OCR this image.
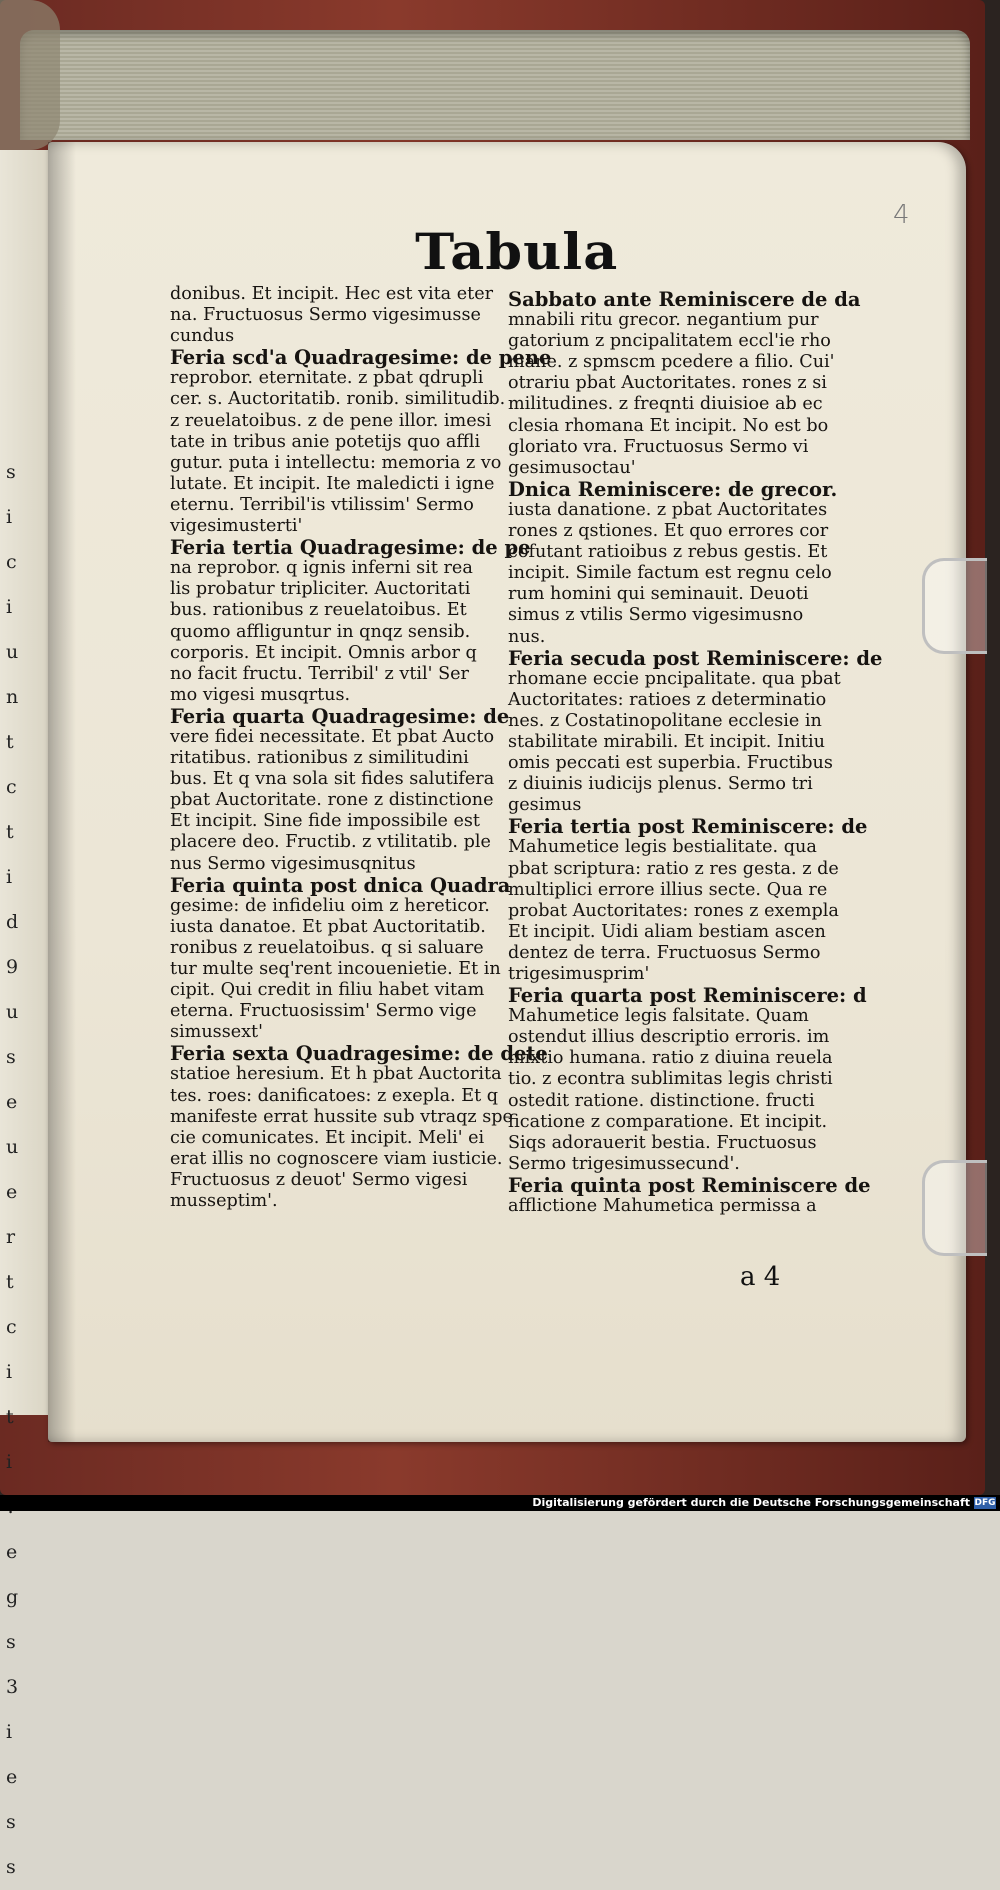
s
i
c
i
u
n
t
c
t
i
d
9
u
s
e
u
e
r
t
c
i
t
i
e
g
s
3
i
e
s
s
4
Tabula

donibus. Et incipit. Hec est vita eter

na. Fructuosus Sermo vigesimusse

cundus

Feria scd'a Quadragesime: de pene

reprobor. eternitate. z pbat qdrupli

cer. s. Auctoritatib. ronib. similitudib.

z reuelatoibus. z de pene illor. imesi

tate in tribus anie potetijs quo affli

gutur. puta i intellectu: memoria z vo

lutate. Et incipit. Ite maledicti i igne

eternu. Terribil'is vtilissim' Sermo

vigesimusterti'

Feria tertia Quadragesime: de pe

na reprobor. q ignis inferni sit rea

lis probatur tripliciter. Auctoritati

bus. rationibus z reuelatoibus. Et

quomo affliguntur in qnqz sensib.

corporis. Et incipit. Omnis arbor q

no facit fructu. Terribil' z vtil' Ser

mo vigesi musqrtus.

Feria quarta Quadragesime: de

vere fidei necessitate. Et pbat Aucto

ritatibus. rationibus z similitudini

bus. Et q vna sola sit fides salutifera

pbat Auctoritate. rone z distinctione

Et incipit. Sine fide impossibile est

placere deo. Fructib. z vtilitatib. ple

nus Sermo vigesimusqnitus

Feria quinta post dnica Quadra

gesime: de infideliu oim z hereticor.

iusta danatoe. Et pbat Auctoritatib.

ronibus z reuelatoibus. q si saluare

tur multe seq'rent incouenietie. Et in

cipit. Qui credit in filiu habet vitam

eterna. Fructuosissim' Sermo vige

simussext'

Feria sexta Quadragesime: de dete

statioe heresium. Et h pbat Auctorita

tes. roes: danificatoes: z exepla. Et q

manifeste errat hussite sub vtraqz spe

cie comunicates. Et incipit. Meli' ei

erat illis no cognoscere viam iusticie.

Fructuosus z deuot' Sermo vigesi

musseptim'.

Sabbato ante Reminiscere de da

mnabili ritu grecor. negantium pur

gatorium z pncipalitatem eccl'ie rho

mane. z spmscm pcedere a filio. Cui'

otrariu pbat Auctoritates. rones z si

militudines. z freqnti diuisioe ab ec

clesia rhomana Et incipit. No est bo

gloriato vra. Fructuosus Sermo vi

gesimusoctau'

Dnica Reminiscere: de grecor.

iusta danatione. z pbat Auctoritates

rones z qstiones. Et quo errores cor

cofutant ratioibus z rebus gestis. Et

incipit. Simile factum est regnu celo

rum homini qui seminauit. Deuoti

simus z vtilis Sermo vigesimusno

nus.

Feria secuda post Reminiscere: de

rhomane eccie pncipalitate. qua pbat

Auctoritates: ratioes z determinatio

nes. z Costatinopolitane ecclesie in

stabilitate mirabili. Et incipit. Initiu

omis peccati est superbia. Fructibus

z diuinis iudicijs plenus. Sermo tri

gesimus

Feria tertia post Reminiscere: de

Mahumetice legis bestialitate. qua

pbat scriptura: ratio z res gesta. z de

multiplici errore illius secte. Qua re

probat Auctoritates: rones z exempla

Et incipit. Uidi aliam bestiam ascen

dentez de terra. Fructuosus Sermo

trigesimusprim'

Feria quarta post Reminiscere: d

Mahumetice legis falsitate. Quam

ostendut illius descriptio erroris. im

mixtio humana. ratio z diuina reuela

tio. z econtra sublimitas legis christi

ostedit ratione. distinctione. fructi

ficatione z comparatione. Et incipit.

Siqs adorauerit bestia. Fructuosus

Sermo trigesimussecund'.

Feria quinta post Reminiscere de

afflictione Mahumetica permissa a

a 4
Digitalisierung gefördert durch die Deutsche Forschungsgemeinschaft DFG
